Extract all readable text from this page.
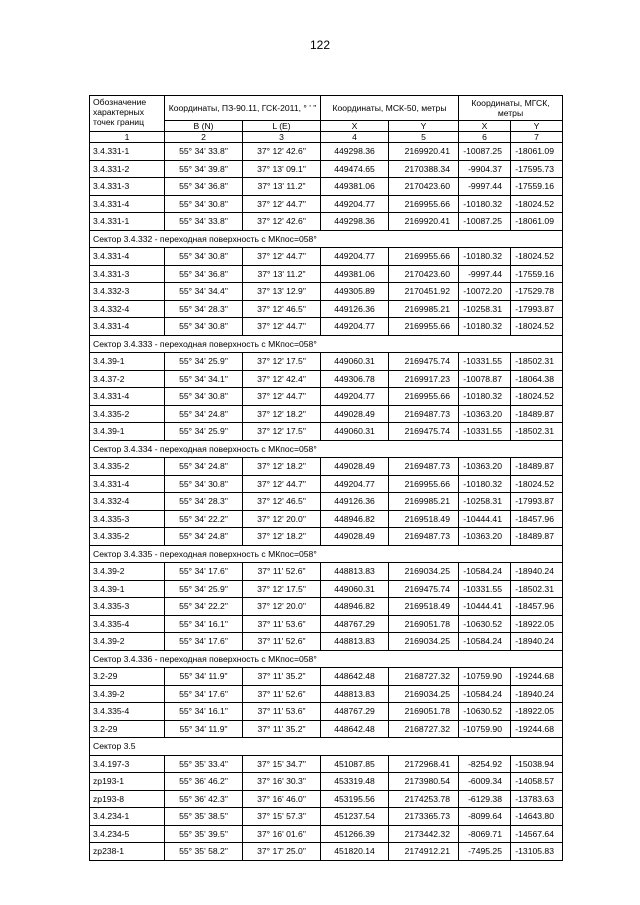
122
Обозначение характерных точек границ	Координаты, ПЗ-90.11, ГСК-2011, ° ' "		Координаты, МСК-50, метры		Координаты, МГСК, метры	
	B (N)	L (E)	X	Y	X	Y
1	2	3	4	5	6	7
3.4.331-1	55° 34' 33.8"	37° 12' 42.6"	449298.36	2169920.41	-10087.25	-18061.09
3.4.331-2	55° 34' 39.8"	37° 13' 09.1"	449474.65	2170388.34	-9904.37	-17595.73
3.4.331-3	55° 34' 36.8"	37° 13' 11.2"	449381.06	2170423.60	-9997.44	-17559.16
3.4.331-4	55° 34' 30.8"	37° 12' 44.7"	449204.77	2169955.66	-10180.32	-18024.52
3.4.331-1	55° 34' 33.8"	37° 12' 42.6"	449298.36	2169920.41	-10087.25	-18061.09
Сектор 3.4.332 - переходная поверхность с МКпос=058°						
3.4.331-4	55° 34' 30.8"	37° 12' 44.7"	449204.77	2169955.66	-10180.32	-18024.52
3.4.331-3	55° 34' 36.8"	37° 13' 11.2"	449381.06	2170423.60	-9997.44	-17559.16
3.4.332-3	55° 34' 34.4"	37° 13' 12.9"	449305.89	2170451.92	-10072.20	-17529.78
3.4.332-4	55° 34' 28.3"	37° 12' 46.5"	449126.36	2169985.21	-10258.31	-17993.87
3.4.331-4	55° 34' 30.8"	37° 12' 44.7"	449204.77	2169955.66	-10180.32	-18024.52
Сектор 3.4.333 - переходная поверхность с МКпос=058°						
3.4.39-1	55° 34' 25.9"	37° 12' 17.5"	449060.31	2169475.74	-10331.55	-18502.31
3.4.37-2	55° 34' 34.1"	37° 12' 42.4"	449306.78	2169917.23	-10078.87	-18064.38
3.4.331-4	55° 34' 30.8"	37° 12' 44.7"	449204.77	2169955.66	-10180.32	-18024.52
3.4.335-2	55° 34' 24.8"	37° 12' 18.2"	449028.49	2169487.73	-10363.20	-18489.87
3.4.39-1	55° 34' 25.9"	37° 12' 17.5"	449060.31	2169475.74	-10331.55	-18502.31
Сектор 3.4.334 - переходная поверхность с МКпос=058°						
3.4.335-2	55° 34' 24.8"	37° 12' 18.2"	449028.49	2169487.73	-10363.20	-18489.87
3.4.331-4	55° 34' 30.8"	37° 12' 44.7"	449204.77	2169955.66	-10180.32	-18024.52
3.4.332-4	55° 34' 28.3"	37° 12' 46.5"	449126.36	2169985.21	-10258.31	-17993.87
3.4.335-3	55° 34' 22.2"	37° 12' 20.0"	448946.82	2169518.49	-10444.41	-18457.96
3.4.335-2	55° 34' 24.8"	37° 12' 18.2"	449028.49	2169487.73	-10363.20	-18489.87
Сектор 3.4.335 - переходная поверхность с МКпос=058°						
3.4.39-2	55° 34' 17.6"	37° 11' 52.6"	448813.83	2169034.25	-10584.24	-18940.24
3.4.39-1	55° 34' 25.9"	37° 12' 17.5"	449060.31	2169475.74	-10331.55	-18502.31
3.4.335-3	55° 34' 22.2"	37° 12' 20.0"	448946.82	2169518.49	-10444.41	-18457.96
3.4.335-4	55° 34' 16.1"	37° 11' 53.6"	448767.29	2169051.78	-10630.52	-18922.05
3.4.39-2	55° 34' 17.6"	37° 11' 52.6"	448813.83	2169034.25	-10584.24	-18940.24
Сектор 3.4.336 - переходная поверхность с МКпос=058°						
3.2-29	55° 34' 11.9"	37° 11' 35.2"	448642.48	2168727.32	-10759.90	-19244.68
3.4.39-2	55° 34' 17.6"	37° 11' 52.6"	448813.83	2169034.25	-10584.24	-18940.24
3.4.335-4	55° 34' 16.1"	37° 11' 53.6"	448767.29	2169051.78	-10630.52	-18922.05
3.2-29	55° 34' 11.9"	37° 11' 35.2"	448642.48	2168727.32	-10759.90	-19244.68
Сектор 3.5						
3.4.197-3	55° 35' 33.4"	37° 15' 34.7"	451087.85	2172968.41	-8254.92	-15038.94
zp193-1	55° 36' 46.2"	37° 16' 30.3"	453319.48	2173980.54	-6009.34	-14058.57
zp193-8	55° 36' 42.3"	37° 16' 46.0"	453195.56	2174253.78	-6129.38	-13783.63
3.4.234-1	55° 35' 38.5"	37° 15' 57.3"	451237.54	2173365.73	-8099.64	-14643.80
3.4.234-5	55° 35' 39.5"	37° 16' 01.6"	451266.39	2173442.32	-8069.71	-14567.64
zp238-1	55° 35' 58.2"	37° 17' 25.0"	451820.14	2174912.21	-7495.25	-13105.83
